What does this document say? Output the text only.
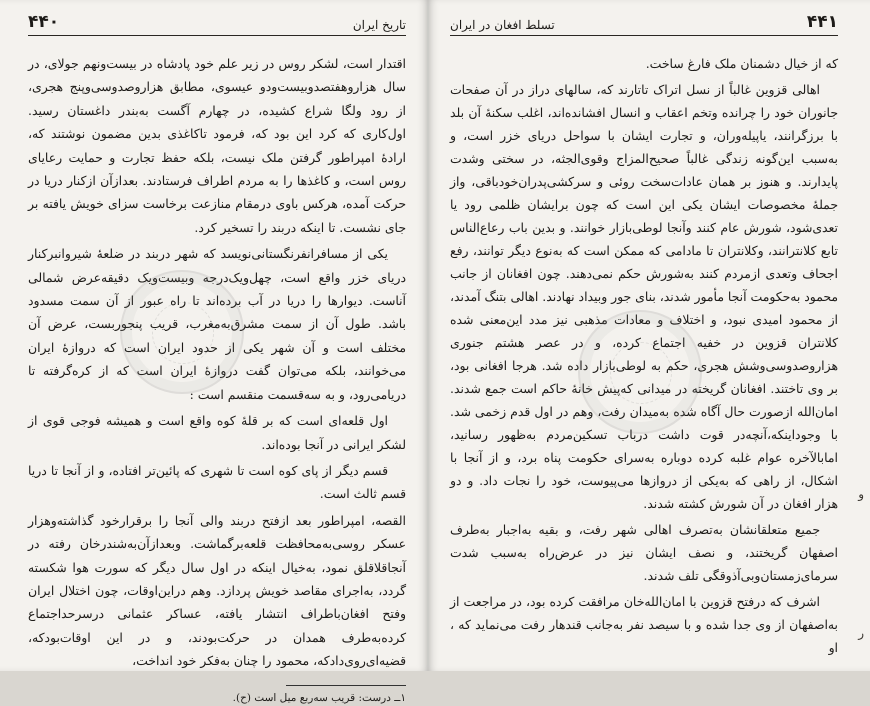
تاریخ ایران
۴۴۰

اقتدار است، لشکر روس در زیر علم خود پادشاه در بیست‌ونهم جولای، در سال هزاروهفتصدوبیست‌ودو عیسوی، مطابق هزاروصدوسی‌وپنج هجری، از رود ولگا شراع کشیده، در چهارم آگست به‌بندر داغستان رسید. اول‌کاری که کرد این بود که، فرمود تاکاغذی بدین مضمون نوشتند که، ارادهٔ امپراطور گرفتن ملک نیست، بلکه حفظ تجارت و حمایت رعایای روس است، و کاغذها را به مردم اطراف فرستادند. بعدازآن ازکنار دریا در حرکت آمده، هرکس باوی درمقام منازعت برخاست سزای خویش یافته بر جای نشست. تا اینکه دربند را تسخیر کرد.

یکی از مسافرانفرنگستانی‌نویسد که شهر دربند در ضلعهٔ شیروانبرکنار دریای خزر واقع است، چهل‌ویک‌درجه وبیست‌ویک دقیقه‌عرض شمالی آناست. دیوارها را دریا در آب برده‌اند تا راه عبور از آن سمت مسدود باشد. طول آن از سمت مشرق‌به‌مغرب، قریب پنجوربست، عرض آن مختلف است و آن شهر یکی از حدود ایران است که دروازهٔ ایران می‌خوانند، بلکه می‌توان گفت دروازهٔ ایران است که از کره‌گرفته تا دریامی‌رود، و به سه‌قسمت منقسم است :

اول قلعه‌ای است که بر قلهٔ کوه واقع است و همیشه فوجی قوی از لشکر ایرانی در آنجا بوده‌اند.

قسم دیگر از پای کوه است تا شهری که پائین‌تر افتاده، و از آنجا تا دریا قسم ثالث است.

القصه، امپراطور بعد ازفتح دربند والی آنجا را برقرارخود گذاشته‌وهزار عسکر روسی‌به‌محافظت قلعه‌برگماشت. وبعدازآن‌به‌شندرخان رفته در آنجاقلاقلق نمود، به‌خیال اینکه در اول سال دیگر که سورت هوا شکسته گردد، به‌اجرای مقاصد خویش پردازد. وهم دراین‌اوقات، چون اختلال ایران وفتح افغان‌باطراف انتشار یافته، عساکر عثمانی درسرحداجتماع کرده‌به‌طرف همدان در حرکت‌بودند، و در این اوقات‌بودکه، قضیه‌ای‌روی‌داد‌که، محمود را چنان به‌فکر خود انداخت،

۱ــ درست: قریب سه‌ربع میل است (ح).
۴۴۱
تسلط افغان در ایران

که از خیال دشمنان ملک فارغ ساخت.

اهالی قزوین غالباً از نسل اتراک تاتارند که، سالهای دراز در آن صفحات جانوران خود را چرانده وتخم اعقاب و انسال افشانده‌اند، اغلب سکنهٔ آن بلد با برزگرانند، یاپیله‌وران، و تجارت ایشان با سواحل دریای خزر است، و به‌سبب این‌گونه زندگی غالباً صحیح‌المزاج وقوی‌الجثه، در سختی وشدت پایدارند. و هنوز بر همان عادات‌سخت روئی و سرکشی‌پدران‌خود‌باقی، واز جملهٔ مخصوصات ایشان یکی این است که چون برایشان ظلمی رود یا تعدی‌شود، شورش عام کنند وآنجا لوطی‌بازار خوانند. و بدین باب رعاع‌الناس تابع کلانترانند، وکلانتران تا مادامی که ممکن است که به‌نوع دیگر توانند، رفع اجحاف وتعدی ازمردم کنند به‌شورش حکم نمی‌دهند. چون افغانان از جانب محمود به‌حکومت آنجا مأمور شدند، بنای جور وبیداد نهادند. اهالی بتنگ آمدند، از محمود امیدی نبود، و اختلاف و معادات مذهبی نیز مدد این‌معنی شده کلانتران قزوین در خفیه اجتماع کرده، و در عصر هشتم جنوری هزاروصدوسی‌وشش هجری، حکم به لوطی‌بازار داده شد. هرجا افغانی بود، بر وی تاختند. افغانان گریخته در میدانی که‌پیش خانهٔ حاکم است جمع شدند. امان‌الله ازصورت حال آگاه شده به‌میدان رفت، وهم در اول قدم زخمی شد. با وجوداینکه،آنچه‌در قوت داشت درباب تسکین‌مردم به‌ظهور رسانید، امابالآخره عوام غلبه کرده دوباره به‌سرای حکومت پناه برد، و از آنجا با اشکال، از راهی که به‌یکی از دروازها می‌پیوست، خود را نجات داد. و دو هزار افغان در آن شورش کشته شدند.

جمیع متعلقانشان به‌تصرف اهالی شهر رفت، و بقیه به‌اجبار به‌طرف اصفهان گریختند، و نصف ایشان نیز در عرض‌راه به‌سبب شدت سرمای‌زمستان‌وبی‌آذوقگی تلف شدند.

اشرف که درفتح قزوین با امان‌الله‌خان مرافقت کرده بود، در مراجعت از به‌اصفهان از وی جدا شده و با سیصد نفر به‌جانب قندهار رفت می‌نماید که ، او

و
ر
